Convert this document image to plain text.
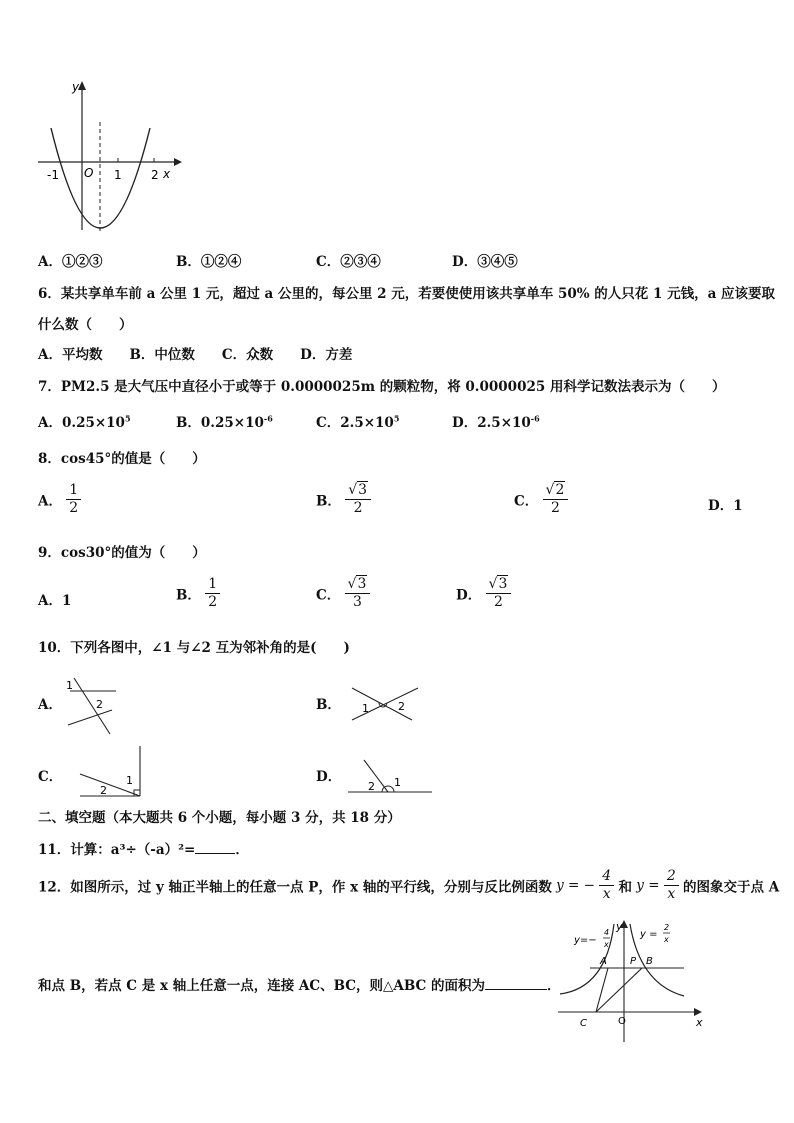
y
x
-1 O 1 2
A．①②③	B．①②④	C．②③④	D．③④⑤
6．某共享单车前 a 公里 1 元，超过 a 公里的，每公里 2 元，若要使使用该共享单车 50% 的人只花 1 元钱，a 应该要取
什么数（　　）
A．平均数　　B．中位数　　C．众数　　D．方差
7．PM2.5 是大气压中直径小于或等于 0.0000025m 的颗粒物，将 0.0000025 用科学记数法表示为（　　）
A．$0.25\times 10^5$	B．$0.25\times 10^{-6}$	C．$2.5\times 10^5$	D．$2.5\times 10^{-6}$
8．cos45°的值是（　　）
A． $\frac{1}{2}$	B． $\frac{√3}{2}$	C． $\frac{√2}{2}$	D．1
9．cos30°的值为（　　）
A．1	B． $\frac{1}{2}$	C． $\frac{√3}{3}$	D． $\frac{√3}{2}$
10．下列各图中，∠1 与∠2 互为邻补角的是(　　)
A．
1
2	B． 1	2
C．	1
2
D．	1
2
二、填空题（本大题共 6 个小题，每小题 3 分，共 18 分）
11．计算：a³÷（-a）²=	．
12．如图所示，过 y 轴正半轴上的任意一点 P，作 x 轴的平行线，分别与反比例函数 y = − $\frac{4}{x}$ 和 $y = \frac{2}{x}$ 的图象交于点 A
和点 B，若点 C 是 x 轴上任意一点，连接 AC、BC，则△ABC 的面积为	．
y=−
4
x
y =
2
x
A P B
C	O	x
y
